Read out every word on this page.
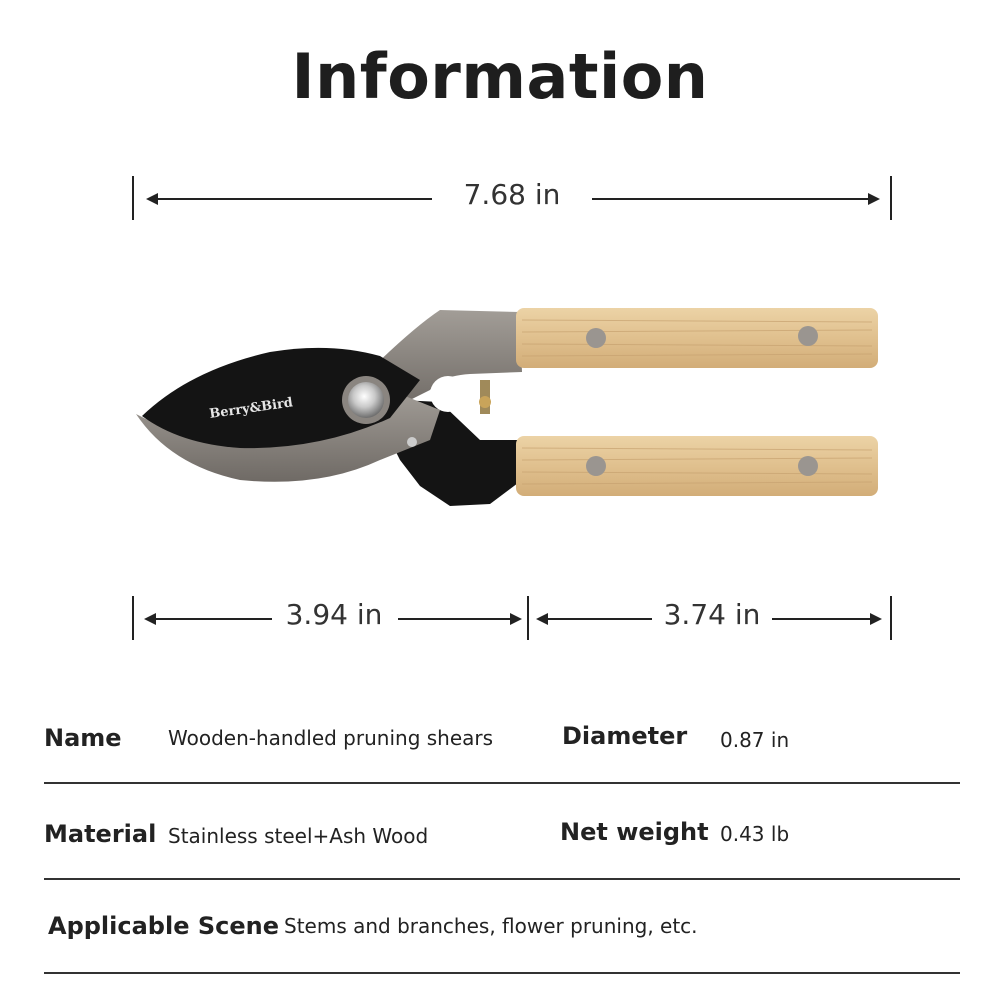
Information
7.68 in
Berry&Bird
3.94 in	3.74 in
Name Wooden-handled pruning shears	Diameter 0.87 in
Material Stainless steel+Ash Wood	Net weight 0.43 lb
Applicable Scene Stems and branches, flower pruning, etc.
